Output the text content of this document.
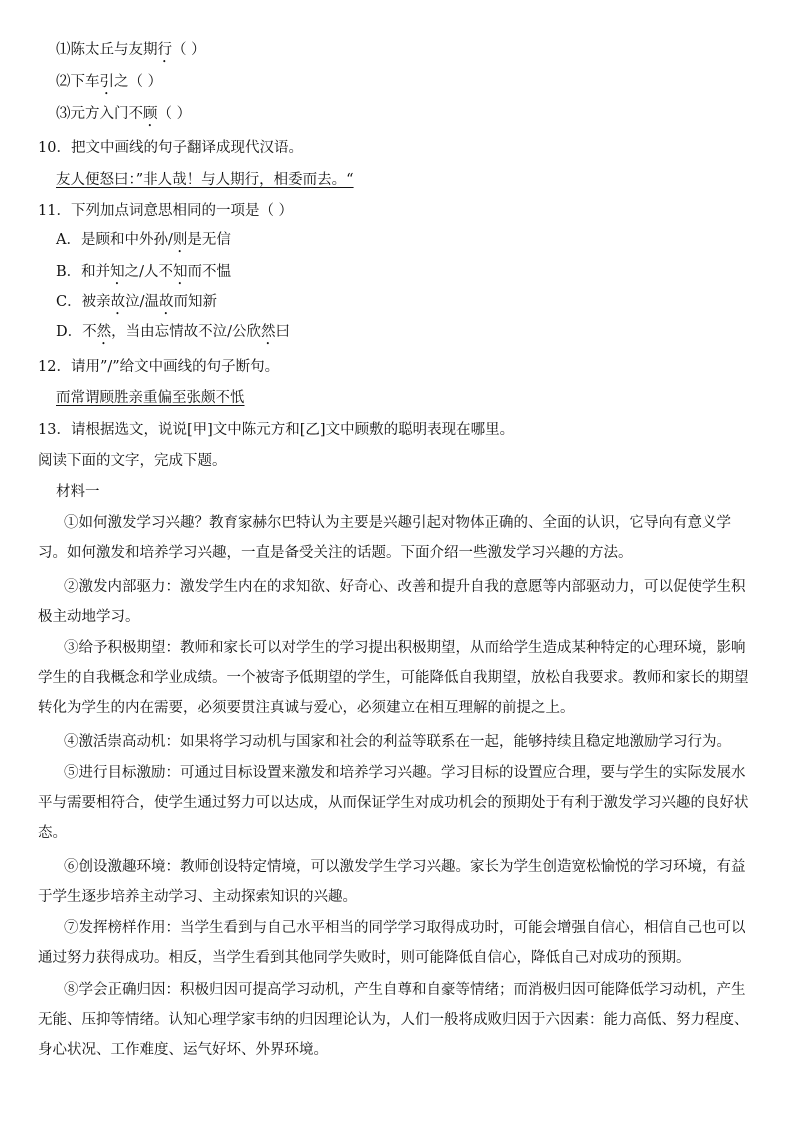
⑴陈太丘与友期行（ ）
⑵下车引之（ ）
⑶元方入门不顾（ ）
10．把文中画线的句子翻译成现代汉语。
友人便怒曰：”非人哉！与人期行，相委而去。“
11．下列加点词意思相同的一项是（ ）
A．是顾和中外孙/则是无信
B．和并知之/人不知而不愠
C．被亲故泣/温故而知新
D．不然，当由忘情故不泣/公欣然曰
12．请用”/”给文中画线的句子断句。
而常谓顾胜亲重偏至张颇不忯
13．请根据选文，说说[甲]文中陈元方和[乙]文中顾敷的聪明表现在哪里。
阅读下面的文字，完成下题。
材料一
①如何激发学习兴趣？教育家赫尔巴特认为主要是兴趣引起对物体正确的、全面的认识，它导向有意义学习。如何激发和培养学习兴趣，一直是备受关注的话题。下面介绍一些激发学习兴趣的方法。
②激发内部驱力：激发学生内在的求知欲、好奇心、改善和提升自我的意愿等内部驱动力，可以促使学生积极主动地学习。
③给予积极期望：教师和家长可以对学生的学习提出积极期望，从而给学生造成某种特定的心理环境，影响学生的自我概念和学业成绩。一个被寄予低期望的学生，可能降低自我期望，放松自我要求。教师和家长的期望转化为学生的内在需要，必须要贯注真诚与爱心，必须建立在相互理解的前提之上。
④激活崇高动机：如果将学习动机与国家和社会的利益等联系在一起，能够持续且稳定地激励学习行为。
⑤进行目标激励：可通过目标设置来激发和培养学习兴趣。学习目标的设置应合理，要与学生的实际发展水平与需要相符合，使学生通过努力可以达成，从而保证学生对成功机会的预期处于有利于激发学习兴趣的良好状态。
⑥创设激趣环境：教师创设特定情境，可以激发学生学习兴趣。家长为学生创造宽松愉悦的学习环境，有益于学生逐步培养主动学习、主动探索知识的兴趣。
⑦发挥榜样作用：当学生看到与自己水平相当的同学学习取得成功时，可能会增强自信心，相信自己也可以通过努力获得成功。相反，当学生看到其他同学失败时，则可能降低自信心，降低自己对成功的预期。
⑧学会正确归因：积极归因可提高学习动机，产生自尊和自豪等情绪；而消极归因可能降低学习动机，产生无能、压抑等情绪。认知心理学家韦纳的归因理论认为，人们一般将成败归因于六因素：能力高低、努力程度、身心状况、工作难度、运气好坏、外界环境。
